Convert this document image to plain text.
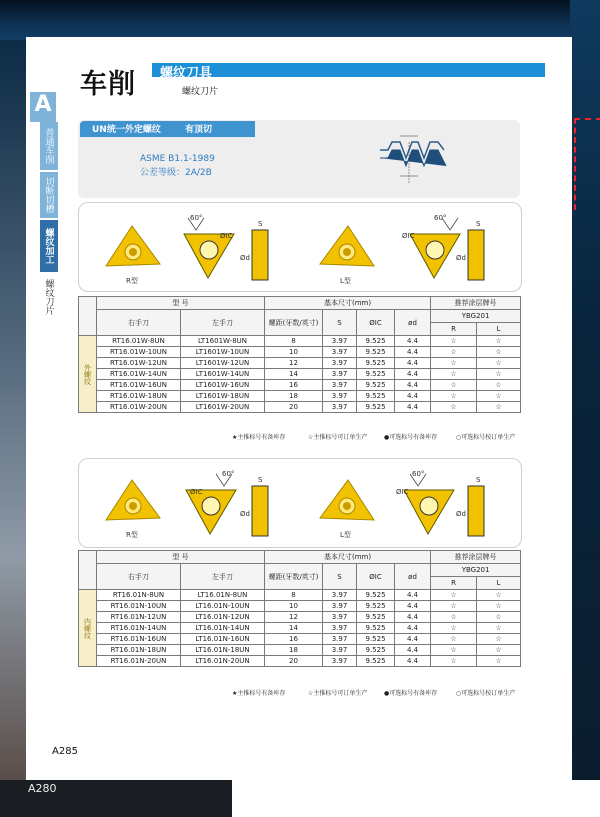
车削 螺纹刀具
螺纹刀片
A
普通车削
切断切槽
螺纹加工
螺纹刀片
UN统一外定螺纹	有顶切
ASME B1.1-1989
公差等级：2A/2B
R型
60°
ØIC
S
Ød
L型
ØIC
60°
S
Ød
	型 号		基本尺寸(mm)				推荐涂层牌号	
	右手刀	左手刀	螺距(牙数/英寸)	S	ØIC	ød	YBG201	
							R	L
外螺纹	RT16.01W-8UN	LT1601W-8UN	8	3.97	9.525	4.4	☆	☆
	RT16.01W-10UN	LT1601W-10UN	10	3.97	9.525	4.4	☆	☆
	RT16.01W-12UN	LT1601W-12UN	12	3.97	9.525	4.4	☆	☆
	RT16.01W-14UN	LT1601W-14UN	14	3.97	9.525	4.4	☆	☆
	RT16.01W-16UN	LT1601W-16UN	16	3.97	9.525	4.4	☆	☆
	RT16.01W-18UN	LT1601W-18UN	18	3.97	9.525	4.4	☆	☆
	RT16.01W-20UN	LT1601W-20UN	20	3.97	9.525	4.4	☆	☆
	型 号		基本尺寸(mm)				推荐涂层牌号	
	右手刀	左手刀	螺距(牙数/英寸)	S	ØIC	ød	YBG201	
							R	L
内螺纹	RT16.01N-8UN	LT16.01N-8UN	8	3.97	9.525	4.4	☆	☆
	RT16.01N-10UN	LT16.01N-10UN	10	3.97	9.525	4.4	☆	☆
	RT16.01N-12UN	LT16.01N-12UN	12	3.97	9.525	4.4	☆	☆
	RT16.01N-14UN	LT16.01N-14UN	14	3.97	9.525	4.4	☆	☆
	RT16.01N-16UN	LT16.01N-16UN	16	3.97	9.525	4.4	☆	☆
	RT16.01N-18UN	LT16.01N-18UN	18	3.97	9.525	4.4	☆	☆
	RT16.01N-20UN	LT16.01N-20UN	20	3.97	9.525	4.4	☆	☆
★主推标号有备库存	☆主推标号可订单生产	●可选标号有备库存	○可选标号按订单生产
R型
ØIC
60°
S
Ød
L型
ØIC
60°
S
Ød
★主推标号有备库存	☆主推标号可订单生产	●可选标号有备库存	○可选标号按订单生产
A285
A280
